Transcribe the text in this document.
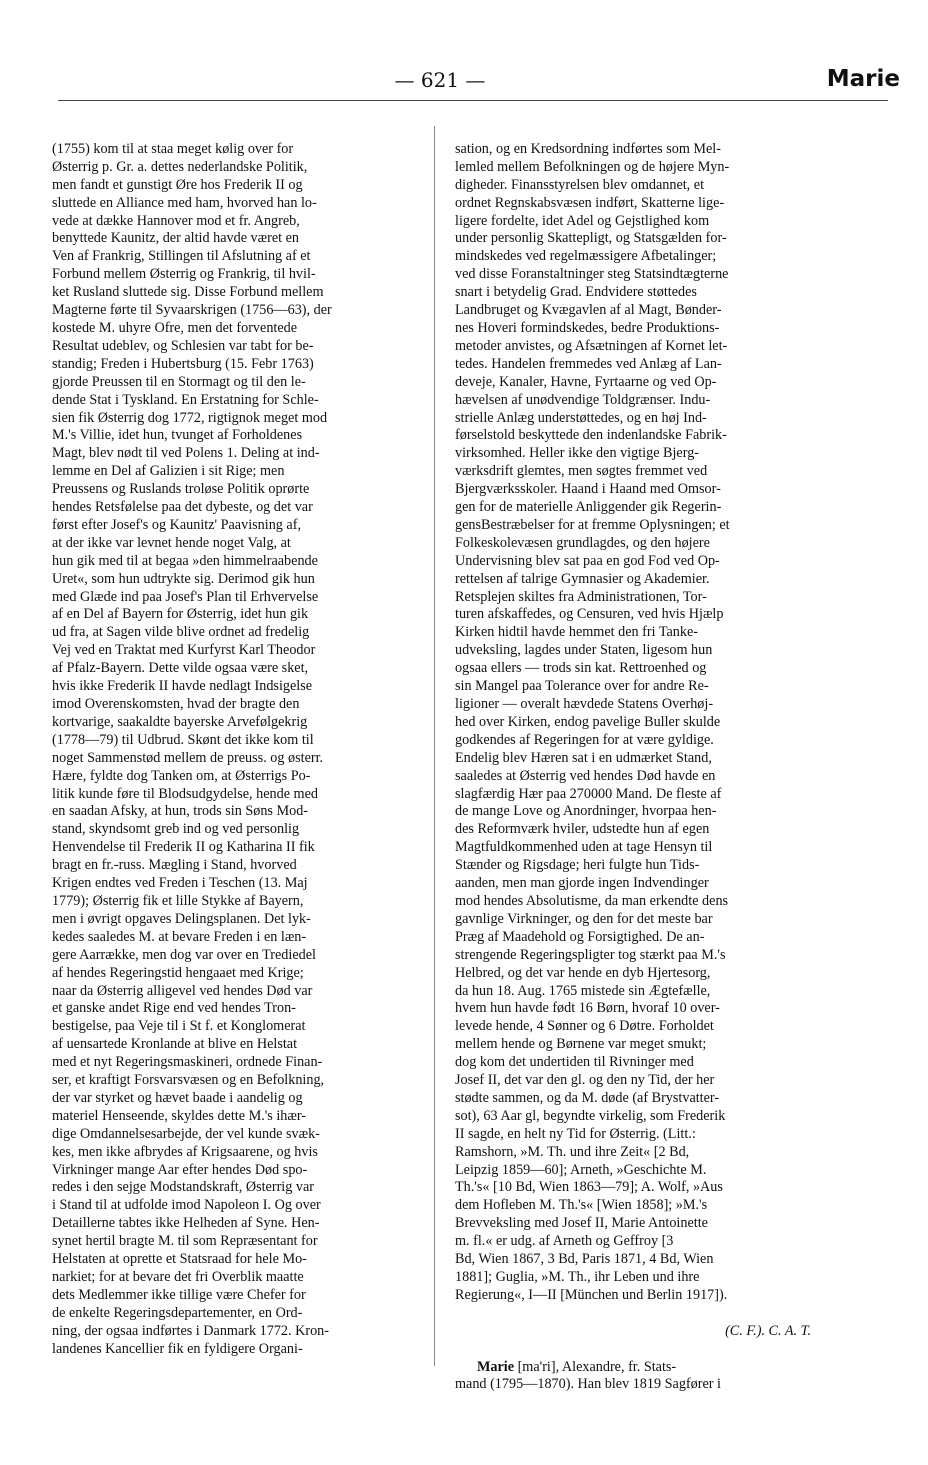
— 621 —	Marie

(1755) kom til at staa meget kølig over for
Østerrig p. Gr. a. dettes nederlandske Politik,
men fandt et gunstigt Øre hos Frederik II og
sluttede en Alliance med ham, hvorved han lo-
vede at dække Hannover mod et fr. Angreb,
benyttede Kaunitz, der altid havde været en
Ven af Frankrig, Stillingen til Afslutning af et
Forbund mellem Østerrig og Frankrig, til hvil-
ket Rusland sluttede sig. Disse Forbund mellem
Magterne førte til Syvaarskrigen (1756—63), der
kostede M. uhyre Ofre, men det forventede
Resultat udeblev, og Schlesien var tabt for be-
standig; Freden i Hubertsburg (15. Febr 1763)
gjorde Preussen til en Stormagt og til den le-
dende Stat i Tyskland. En Erstatning for Schle-
sien fik Østerrig dog 1772, rigtignok meget mod
M.'s Villie, idet hun, tvunget af Forholdenes
Magt, blev nødt til ved Polens 1. Deling at ind-
lemme en Del af Galizien i sit Rige; men
Preussens og Ruslands troløse Politik oprørte
hendes Retsfølelse paa det dybeste, og det var
først efter Josef's og Kaunitz' Paavisning af,
at der ikke var levnet hende noget Valg, at
hun gik med til at begaa »den himmelraabende
Uret«, som hun udtrykte sig. Derimod gik hun
med Glæde ind paa Josef's Plan til Erhvervelse
af en Del af Bayern for Østerrig, idet hun gik
ud fra, at Sagen vilde blive ordnet ad fredelig
Vej ved en Traktat med Kurfyrst Karl Theodor
af Pfalz-Bayern. Dette vilde ogsaa være sket,
hvis ikke Frederik II havde nedlagt Indsigelse
imod Overenskomsten, hvad der bragte den
kortvarige, saakaldte bayerske Arvefølgekrig
(1778—79) til Udbrud. Skønt det ikke kom til
noget Sammenstød mellem de preuss. og østerr.
Hære, fyldte dog Tanken om, at Østerrigs Po-
litik kunde føre til Blodsudgydelse, hende med
en saadan Afsky, at hun, trods sin Søns Mod-
stand, skyndsomt greb ind og ved personlig
Henvendelse til Frederik II og Katharina II fik
bragt en fr.-russ. Mægling i Stand, hvorved
Krigen endtes ved Freden i Teschen (13. Maj
1779); Østerrig fik et lille Stykke af Bayern,
men i øvrigt opgaves Delingsplanen. Det lyk-
kedes saaledes M. at bevare Freden i en læn-
gere Aarrække, men dog var over en Trediedel
af hendes Regeringstid hengaaet med Krige;
naar da Østerrig alligevel ved hendes Død var
et ganske andet Rige end ved hendes Tron-
bestigelse, paa Veje til i St f. et Konglomerat
af uensartede Kronlande at blive en Helstat
med et nyt Regeringsmaskineri, ordnede Finan-
ser, et kraftigt Forsvarsvæsen og en Befolkning,
der var styrket og hævet baade i aandelig og
materiel Henseende, skyldes dette M.'s ihær-
dige Omdannelsesarbejde, der vel kunde svæk-
kes, men ikke afbrydes af Krigsaarene, og hvis
Virkninger mange Aar efter hendes Død spo-
redes i den sejge Modstandskraft, Østerrig var
i Stand til at udfolde imod Napoleon I. Og over
Detaillerne tabtes ikke Helheden af Syne. Hen-
synet hertil bragte M. til som Repræsentant for
Helstaten at oprette et Statsraad for hele Mo-
narkiet; for at bevare det fri Overblik maatte
dets Medlemmer ikke tillige være Chefer for
de enkelte Regeringsdepartementer, en Ord-
ning, der ogsaa indførtes i Danmark 1772. Kron-
landenes Kancellier fik en fyldigere Organi-

sation, og en Kredsordning indførtes som Mel-
lemled mellem Befolkningen og de højere Myn-
digheder. Finansstyrelsen blev omdannet, et
ordnet Regnskabsvæsen indført, Skatterne lige-
ligere fordelte, idet Adel og Gejstlighed kom
under personlig Skattepligt, og Statsgælden for-
mindskedes ved regelmæssigere Afbetalinger;
ved disse Foranstaltninger steg Statsindtægterne
snart i betydelig Grad. Endvidere støttedes
Landbruget og Kvægavlen af al Magt, Bønder-
nes Hoveri formindskedes, bedre Produktions-
metoder anvistes, og Afsætningen af Kornet let-
tedes. Handelen fremmedes ved Anlæg af Lan-
deveje, Kanaler, Havne, Fyrtaarne og ved Op-
hævelsen af unødvendige Toldgrænser. Indu-
strielle Anlæg understøttedes, og en høj Ind-
førselstold beskyttede den indenlandske Fabrik-
virksomhed. Heller ikke den vigtige Bjerg-
værksdrift glemtes, men søgtes fremmet ved
Bjergværksskoler. Haand i Haand med Omsor-
gen for de materielle Anliggender gik Regerin-
gensBestræbelser for at fremme Oplysningen; et
Folkeskolevæsen grundlagdes, og den højere
Undervisning blev sat paa en god Fod ved Op-
rettelsen af talrige Gymnasier og Akademier.
Retsplejen skiltes fra Administrationen, Tor-
turen afskaffedes, og Censuren, ved hvis Hjælp
Kirken hidtil havde hemmet den fri Tanke-
udveksling, lagdes under Staten, ligesom hun
ogsaa ellers — trods sin kat. Rettroenhed og
sin Mangel paa Tolerance over for andre Re-
ligioner — overalt hævdede Statens Overhøj-
hed over Kirken, endog pavelige Buller skulde
godkendes af Regeringen for at være gyldige.
Endelig blev Hæren sat i en udmærket Stand,
saaledes at Østerrig ved hendes Død havde en
slagfærdig Hær paa 270000 Mand. De fleste af
de mange Love og Anordninger, hvorpaa hen-
des Reformværk hviler, udstedte hun af egen
Magtfuldkommenhed uden at tage Hensyn til
Stænder og Rigsdage; heri fulgte hun Tids-
aanden, men man gjorde ingen Indvendinger
mod hendes Absolutisme, da man erkendte dens
gavnlige Virkninger, og den for det meste bar
Præg af Maadehold og Forsigtighed. De an-
strengende Regeringspligter tog stærkt paa M.'s
Helbred, og det var hende en dyb Hjertesorg,
da hun 18. Aug. 1765 mistede sin Ægtefælle,
hvem hun havde født 16 Børn, hvoraf 10 over-
levede hende, 4 Sønner og 6 Døtre. Forholdet
mellem hende og Børnene var meget smukt;
dog kom det undertiden til Rivninger med
Josef II, det var den gl. og den ny Tid, der her
stødte sammen, og da M. døde (af Brystvatter-
sot), 63 Aar gl, begyndte virkelig, som Frederik
II sagde, en helt ny Tid for Østerrig. (Litt.:
Ramshorn, »M. Th. und ihre Zeit« [2 Bd,
Leipzig 1859—60]; Arneth, »Geschichte M.
Th.'s« [10 Bd, Wien 1863—79]; A. Wolf, »Aus
dem Hofleben M. Th.'s« [Wien 1858]; »M.'s
Brevveksling med Josef II, Marie Antoinette
m. fl.« er udg. af Arneth og Geffroy [3
Bd, Wien 1867, 3 Bd, Paris 1871, 4 Bd, Wien
1881]; Guglia, »M. Th., ihr Leben und ihre
Regierung«, I—II [München und Berlin 1917]).

(C. F.). C. A. T.

Marie [ma'ri], Alexandre, fr. Stats-
mand (1795—1870). Han blev 1819 Sagfører i
